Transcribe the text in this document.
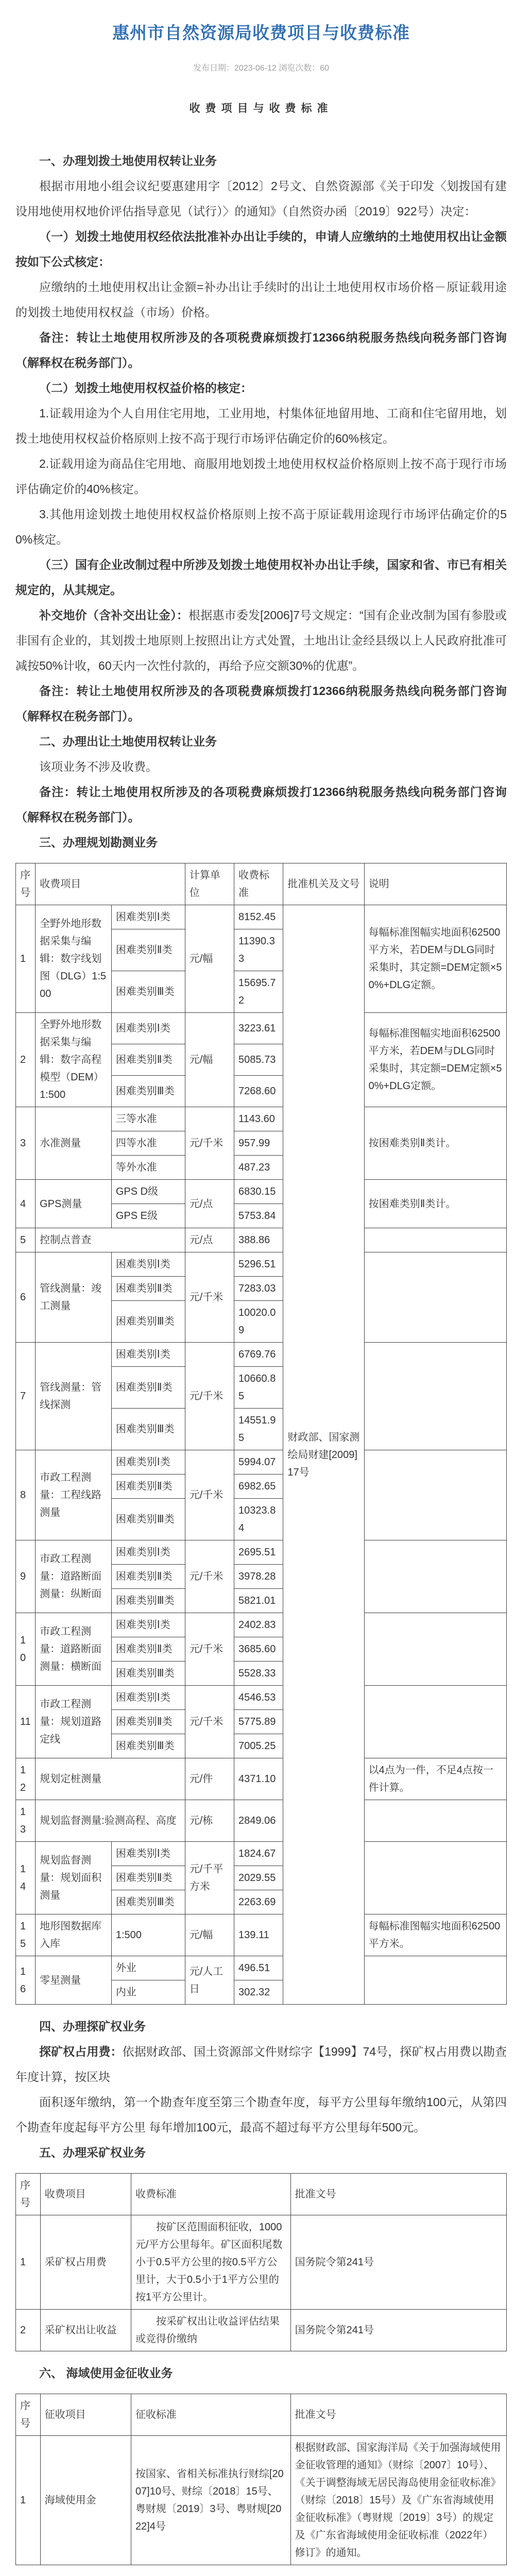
惠州市自然资源局收费项目与收费标准
发布日期：2023-06-12 浏览次数：60
收费项目与收费标准

一、办理划拨土地使用权转让业务

根据市用地小组会议纪要惠建用字〔2012〕2号文、自然资源部《关于印发〈划拨国有建设用地使用权地价评估指导意见（试行）〉的通知》（自然资办函〔2019〕922号）决定：

（一）划拨土地使用权经依法批准补办出让手续的，申请人应缴纳的土地使用权出让金额按如下公式核定：

应缴纳的土地使用权出让金额=补办出让手续时的出让土地使用权市场价格－原证载用途的划拨土地使用权权益（市场）价格。

备注：转让土地使用权所涉及的各项税费麻烦拨打12366纳税服务热线向税务部门咨询（解释权在税务部门）。

（二）划拨土地使用权权益价格的核定：

1.证载用途为个人自用住宅用地，工业用地，村集体征地留用地、工商和住宅留用地，划拨土地使用权权益价格原则上按不高于现行市场评估确定价的60%核定。

2.证载用途为商品住宅用地、商服用地划拨土地使用权权益价格原则上按不高于现行市场评估确定价的40%核定。

3.其他用途划拨土地使用权权益价格原则上按不高于原证载用途现行市场评估确定价的50%核定。

（三）国有企业改制过程中所涉及划拨土地使用权补办出让手续，国家和省、市已有相关规定的，从其规定。

补交地价（含补交出让金）：根据惠市委发[2006]7号文规定：“国有企业改制为国有参股或非国有企业的，其划拨土地原则上按照出让方式处置，土地出让金经县级以上人民政府批准可减按50%计收，60天内一次性付款的，再给予应交额30%的优惠”。

备注：转让土地使用权所涉及的各项税费麻烦拨打12366纳税服务热线向税务部门咨询（解释权在税务部门）。

二、办理出让土地使用权转让业务

该项业务不涉及收费。

备注：转让土地使用权所涉及的各项税费麻烦拨打12366纳税服务热线向税务部门咨询（解释权在税务部门）。

三、办理规划勘测业务

序号	收费项目		计算单位	收费标准	批准机关及文号	说明
1	全野外地形数据采集与编辑：数字线划图（DLG）1:500	困难类别Ⅰ类	元/幅	8152.45	财政部、国家测绘局财建[2009]17号	每幅标准图幅实地面积62500平方米，若DEM与DLG同时采集时，其定额=DEM定额×50%+DLG定额。
		困难类别Ⅱ类		11390.33		
		困难类别Ⅲ类		15695.72		
2	全野外地形数据采集与编辑：数字高程模型（DEM）1:500	困难类别Ⅰ类	元/幅	3223.61		每幅标准图幅实地面积62500平方米，若DEM与DLG同时采集时，其定额=DEM定额×50%+DLG定额。
		困难类别Ⅱ类		5085.73		
		困难类别Ⅲ类		7268.60		
3	水准测量	三等水准	元/千米	1143.60		按困难类别Ⅱ类计。
		四等水准		957.99		
		等外水准		487.23		
4	GPS测量	GPS D级	元/点	6830.15		按困难类别Ⅱ类计。
		GPS E级		5753.84		
5	控制点普查		元/点	388.86		
6	管线测量：竣工测量	困难类别Ⅰ类	元/千米	5296.51		
		困难类别Ⅱ类		7283.03		
		困难类别Ⅲ类		10020.09		
7	管线测量：管线探测	困难类别Ⅰ类	元/千米	6769.76		
		困难类别Ⅱ类		10660.85		
		困难类别Ⅲ类		14551.95		
8	市政工程测量：工程线路测量	困难类别Ⅰ类	元/千米	5994.07		
		困难类别Ⅱ类		6982.65		
		困难类别Ⅲ类		10323.84		
9	市政工程测量：道路断面测量：纵断面	困难类别Ⅰ类	元/千米	2695.51		
		困难类别Ⅱ类		3978.28		
		困难类别Ⅲ类		5821.01		
10	市政工程测量：道路断面测量：横断面	困难类别Ⅰ类	元/千米	2402.83		
		困难类别Ⅱ类		3685.60		
		困难类别Ⅲ类		5528.33		
11	市政工程测量：规划道路定线	困难类别Ⅰ类	元/千米	4546.53		
		困难类别Ⅱ类		5775.89		
		困难类别Ⅲ类		7005.25		
12	规划定桩测量		元/件	4371.10		以4点为一件，不足4点按一件计算。
13	规划监督测量:验测高程、高度		元/栋	2849.06		
14	规划监督测量：规划面积测量	困难类别Ⅰ类	元/千平方米	1824.67		
		困难类别Ⅱ类		2029.55		
		困难类别Ⅲ类		2263.69		
15	地形图数据库入库	1:500	元/幅	139.11		每幅标准图幅实地面积62500平方米。
16	零星测量	外业	元/人工日	496.51		
		内业		302.32		

四、办理探矿权业务

探矿权占用费：依据财政部、国土资源部文件财综字【1999】74号，探矿权占用费以勘查年度计算，按区块

面积逐年缴纳，第一个勘查年度至第三个勘查年度，每平方公里每年缴纳100元，从第四个勘查年度起每平方公里 每年增加100元，最高不超过每平方公里每年500元。

五、办理采矿权业务

序号	收费项目	收费标准	批准文号
1	采矿权占用费	按矿区范围面积征收，1000元/平方公里每年。矿区面积尾数小于0.5平方公里的按0.5平方公里计，大于0.5小于1平方公里的按1平方公里计。	国务院令第241号
2	采矿权出让收益	按采矿权出让收益评估结果或竞得价缴纳	国务院令第241号

六、 海域使用金征收业务

序号	征收项目	征收标准	批准文号
1	海域使用金	按国家、省相关标准执行财综[2007]10号、财综〔2018〕15号、粤财规〔2019〕3号、粤财规[2022]4号	根据财政部、国家海洋局《关于加强海域使用金征收管理的通知》（财综〔2007〕10号）、《关于调整海域无居民海岛使用金征收标准》（财综〔2018〕15号）及《广东省海域使用金征收标准》（粤财规〔2019〕3号）的规定及《广东省海域使用金征收标准（2022年）修订》的通知。
